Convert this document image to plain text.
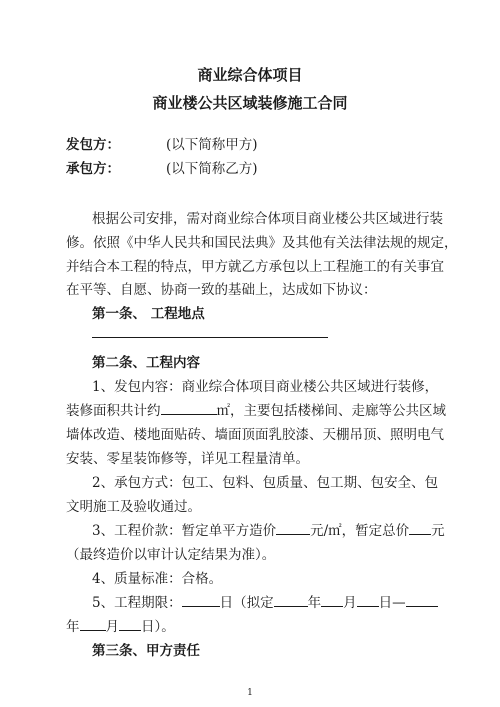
商业综合体项目
商业楼公共区域装修施工合同
发包方：	(以下简称甲方)
承包方：	(以下简称乙方)
根据公司安排，需对商业综合体项目商业楼公共区域进行装
修。依照《中华人民共和国民法典》及其他有关法律法规的规定，
并结合本工程的特点，甲方就乙方承包以上工程施工的有关事宜
在平等、自愿、协商一致的基础上，达成如下协议：
第一条、 工程地点
第二条、工程内容
1、发包内容：商业综合体项目商业楼公共区域进行装修，
装修面积共计约	㎡，主要包括楼梯间、走廊等公共区域
墙体改造、楼地面贴砖、墙面顶面乳胶漆、天棚吊顶、照明电气
安装、零星装饰修等，详见工程量清单。
2、承包方式：包工、包料、包质量、包工期、包安全、包
文明施工及验收通过。
3、工程价款：暂定单平方造价	元/㎡，暂定总价 元
（最终造价以审计认定结果为准）。
4、质量标准：合格。
5、工程期限：	日（拟定	年 月 日—
年 月 日）。
第三条、甲方责任
1
